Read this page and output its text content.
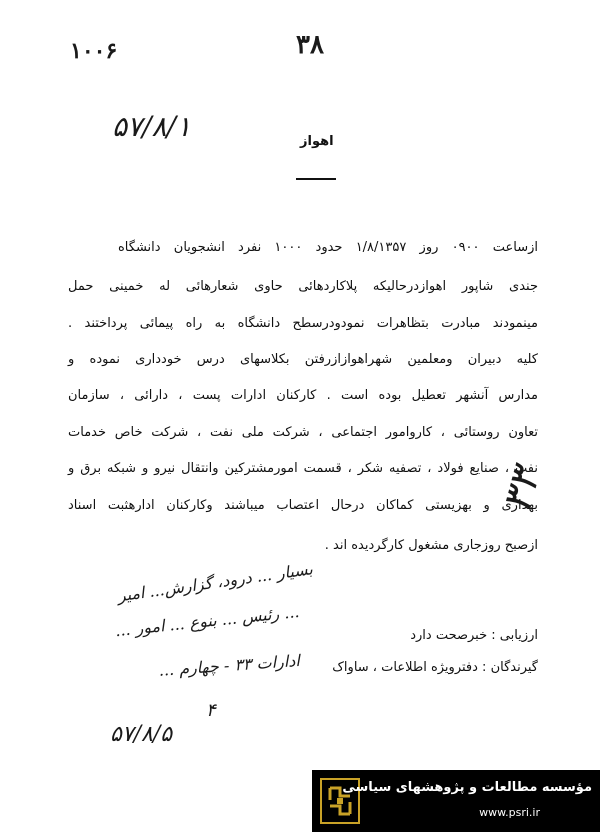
۱۰۰۶	۳۸
۵۷/۸/۱	اهواز
ازساعت ۰۹۰۰ روز ۱/۸/۱۳۵۷ حدود ۱۰۰۰ نفرد انشجویان دانشگاه
جندی شاپور اهوازدرحالیکه پلاکاردهائی حاوی شعارهائی له خمینی حمل
مینمودند مبادرت بتظاهرات نمودودرسطح دانشگاه به راه پیمائی پرداختند .
کلیه دبیران ومعلمین شهراهوازازرفتن بکلاسهای درس خودداری نموده و
مدارس آنشهر تعطیل بوده است . کارکنان ادارات پست ، دارائی ، سازمان
تعاون روستائی ، کاروامور اجتماعی ، شرکت ملی نفت ، شرکت خاص خدمات
نفت ، صنایع فولاد ، تصفیه شکر ، قسمت امورمشترکین وانتقال نیرو و شبکه برق و
بهداری و بهزیستی کماکان درحال اعتصاب میباشند وکارکنان ادارهثبت اسناد
ازصبح روزجاری مشغول کارگردیده اند .
۳۳
ارزیابی : خبرصحت دارد
گیرندگان : دفترویژه اطلاعات ، ساواک
بسیار ... درود، گزارش... امیر
... رئیس ... بنوع ... امور ...
ادارات ۳۳ - چهارم ...
۴
۵۷/۸/۵
مؤسسه مطالعات و پژوهشهای سیاسی
www.psri.ir
